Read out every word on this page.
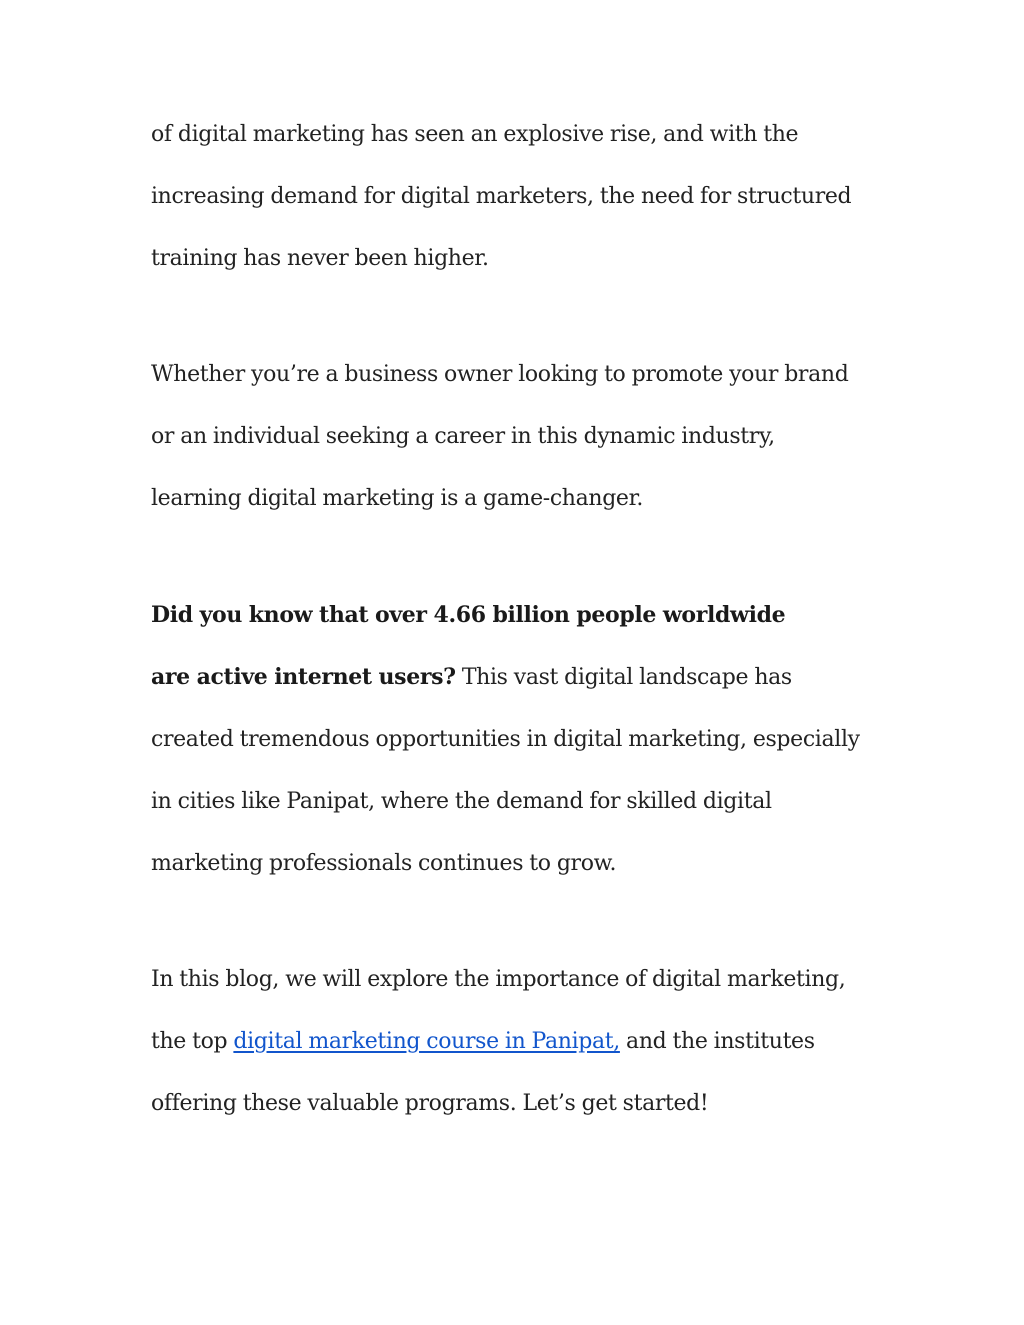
of digital marketing has seen an explosive rise, and with the
increasing demand for digital marketers, the need for structured
training has never been higher.

Whether you’re a business owner looking to promote your brand
or an individual seeking a career in this dynamic industry,
learning digital marketing is a game-changer.

Did you know that over 4.66 billion people worldwide
are active internet users? This vast digital landscape has
created tremendous opportunities in digital marketing, especially
in cities like Panipat, where the demand for skilled digital
marketing professionals continues to grow.

In this blog, we will explore the importance of digital marketing,
the top digital marketing course in Panipat, and the institutes
offering these valuable programs. Let’s get started!
